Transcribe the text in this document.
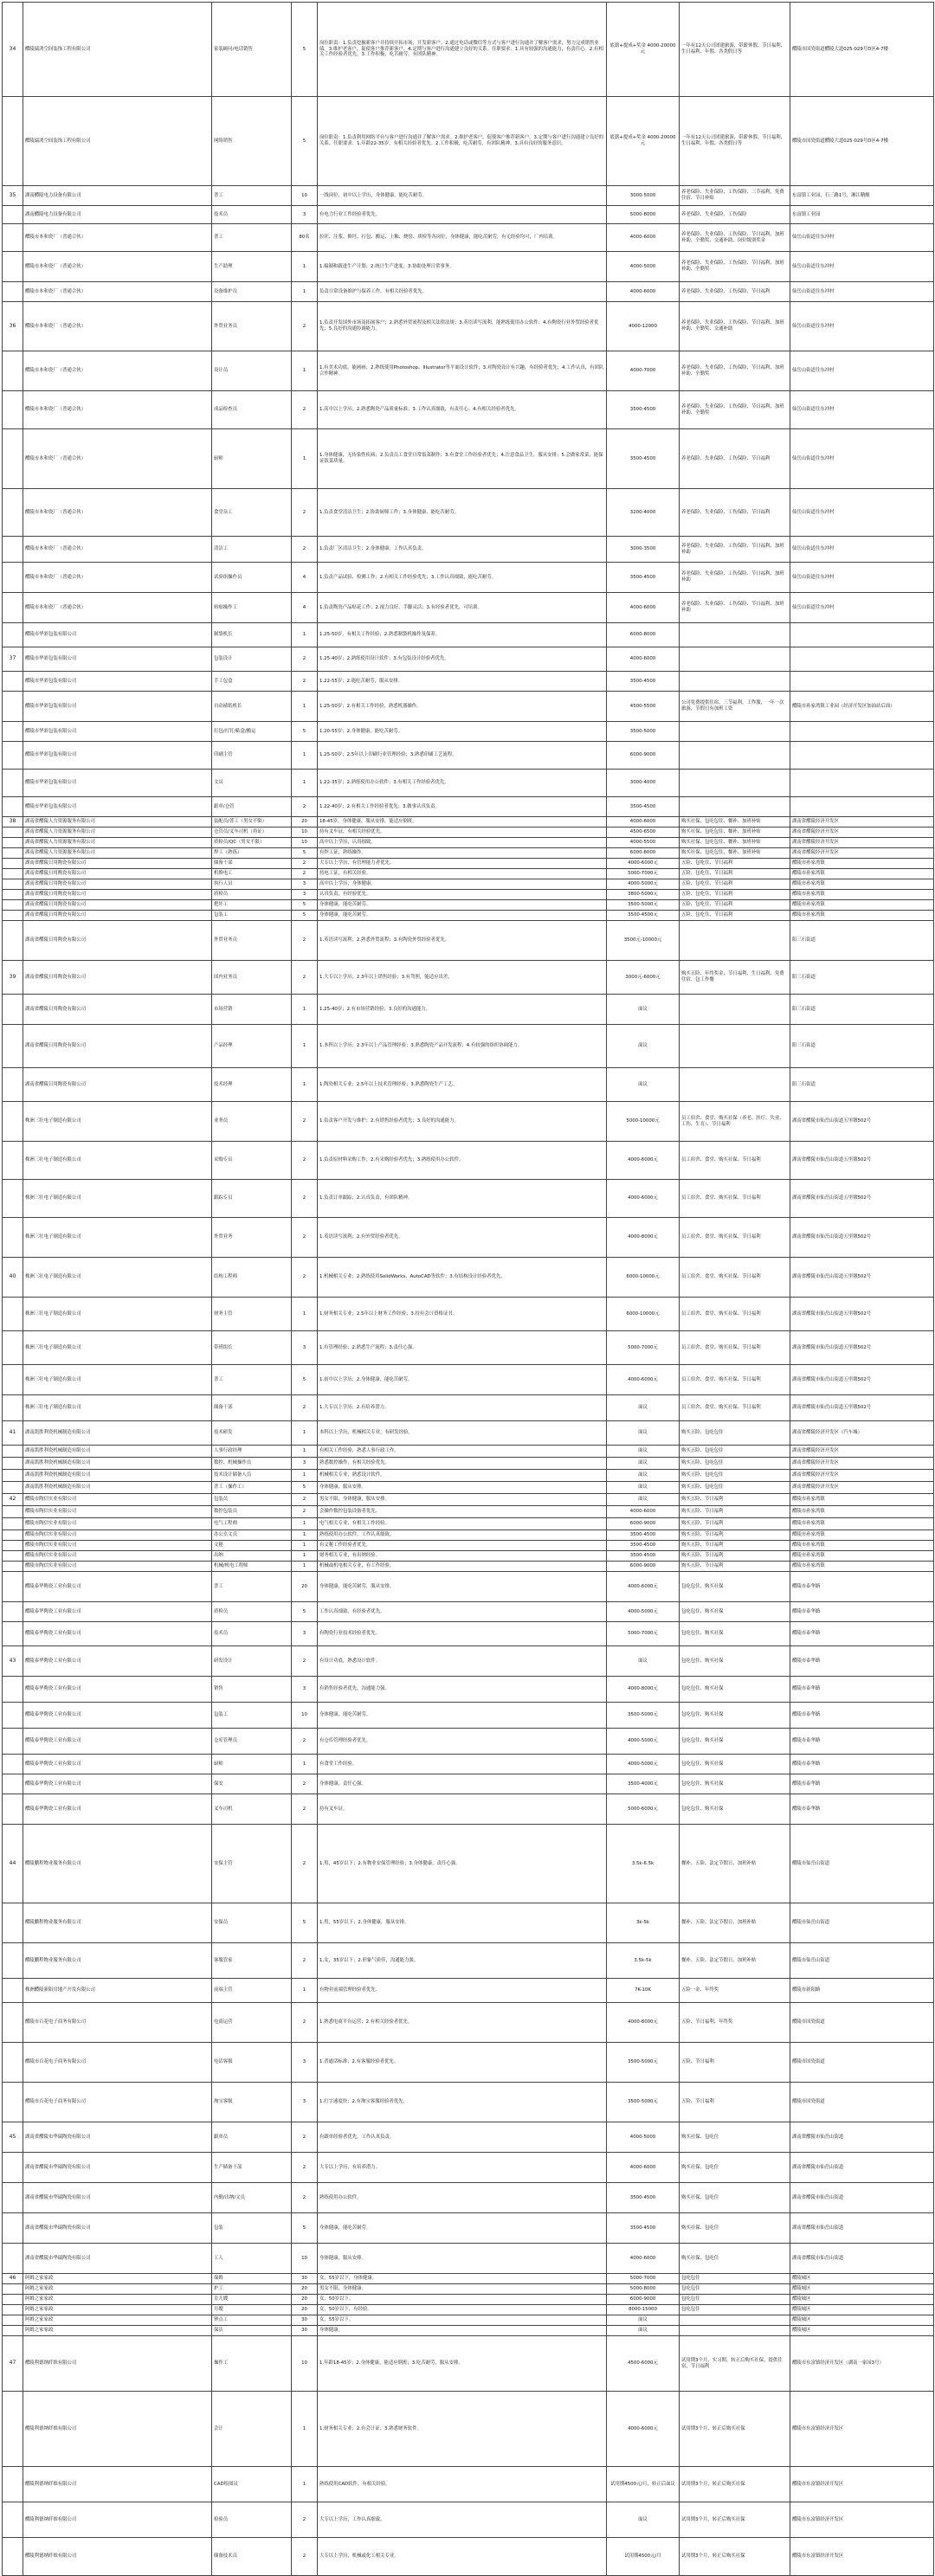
34	醴陵瑞鸿空间装饰工程有限公司	家装顾问/电话销售	5	岗位职责：1.负责挖掘新客户并持续开拓市场，开发新客户。2.通过电话或微信等方式与客户进行沟通并了解客户需求，努力完成销售业绩。3.维护老客户，促使客户推荐新客户。4.定期与客户进行沟通建立良好的关系。任职要求：1.具有较强的沟通能力，有责任心。2.有相关工作经验者优先。3.工作积极，吃苦耐劳，有团队精神。	底薪+提成+奖金 4000-20000元	一年有12天公司团建旅游，带薪休假、节日福利、生日福利、年假、各类假日等	醴陵市国瓷街道醴陵大道025-029号D区4-7楼
	醴陵瑞鸿空间装饰工程有限公司	网络销售	5	岗位职责：1.负责利用网络平台与客户进行沟通并了解客户需求。2.维护老客户，促使客户推荐新客户。3.定期与客户进行沟通建立良好的关系。任职要求：1.年龄22-35岁，有相关经验者优先。2.工作积极，吃苦耐劳，有团队精神。3.具有良好的服务意识。	底薪+提成+奖金 4000-20000元	一年有12天公司团建旅游，带薪休假、节日福利、生日福利、年假、各类假日等	醴陵市国瓷街道醴陵大道025-029号D区4-7楼
35	湖南醴陵电力设备有限公司	普工	10	一线岗位，初中以上学历，身体健康，能吃苦耐劳。	3000-5000	养老保险、失业保险、工伤保险、三节福利，免费住宿、节日补贴	东富镇工业园，石三路1号，湘江精酿
	湖南醴陵电力设备有限公司	技术员	3	有电力行业工作经验者优先。	5000-8000	养老保险、失业保险、工伤保险	东富镇工业园
	醴陵市本和瓷厂（普通合伙）	普工	80名	拉坯、注浆、修坯、打包、搬运、上釉、烧窑、质检等各岗位，身体健康，能吃苦耐劳，有无经验均可，厂内培训。	4000-6000	养老保险、失业保险、工伤保险、节日福利、加班补助、全勤奖、交通补助、岗位级别奖金	仙岳山街道往东冲村
	醴陵市本和瓷厂（普通合伙）	生产助理	1	1.编制和跟进生产计划；2.统计生产进度；3.协助处理日常事务。	4000-5000	养老保险、失业保险、工伤保险、节日福利、加班补助、全勤奖	仙岳山街道往东冲村
	醴陵市本和瓷厂（普通合伙）	设备维护员	1	负责日常设备维护与保养工作，有相关经验者优先。	4000-6000	养老保险、失业保险、工伤保险、节日福利	仙岳山街道往东冲村
36	醴陵市本和瓷厂（普通合伙）	外贸业务员	2	1.负责开发国外市场及拓展客户；2.熟悉外贸流程及相关法律法规；3.英语读写流利，能熟练使用办公软件；4.有陶瓷行业外贸经验者优先；5.良好的沟通协调能力。	4000-12000	养老保险、失业保险、工伤保险、节日福利、加班补助、全勤奖、交通补助	仙岳山街道往东冲村
	醴陵市本和瓷厂（普通合伙）	设计员	1	1.有美术功底，能画画；2.熟练使用Photoshop、Illustrator等平面设计软件；3.对陶瓷设计有兴趣，有经验者优先；4.工作认真，有团队合作精神。	4000-7000	养老保险、失业保险、工伤保险、节日福利、加班补助、全勤奖	仙岳山街道往东冲村
	醴陵市本和瓷厂（普通合伙）	成品检查员	2	1.高中以上学历；2.熟悉陶瓷产品质量标准；3.工作认真细致，有责任心；4.有相关经验者优先。	3500-4500	养老保险、失业保险、工伤保险、节日福利、加班补助、全勤奖	仙岳山街道往东冲村
	醴陵市本和瓷厂（普通合伙）	厨师	1	1.身体健康，无传染性疾病；2.负责员工食堂日常饭菜制作；3.有食堂工作经验者优先；4.注意食品卫生，服从安排；5.会做家常菜，能保证饭菜质量。	3500-4500	养老保险、失业保险、工伤保险、节日福利	仙岳山街道往东冲村
	醴陵市本和瓷厂（普通合伙）	食堂杂工	2	1.负责食堂清洁卫生；2.协助厨师工作；3.身体健康，能吃苦耐劳。	3200-4000	养老保险、失业保险、工伤保险、节日福利	仙岳山街道往东冲村
	醴陵市本和瓷厂（普通合伙）	清洁工	2	1.负责厂区清洁卫生；2.身体健康，工作认真负责。	3000-3500	养老保险、失业保险、工伤保险、节日福利、加班补助	仙岳山街道往东冲村
	醴陵市本和瓷厂（普通合伙）	试验组操作员	4	1.负责产品试验、检测工作；2.有相关工作经验优先；3.工作认真细致，能吃苦耐劳。	3500-4500	养老保险、失业保险、工伤保险、节日福利、加班补助	仙岳山街道往东冲村
	醴陵市本和瓷厂（普通合伙）	转贴操作工	4	1.负责陶瓷产品贴花工作；2.视力良好，手脚灵活；3.有经验者优先，可培训。	4000-6000	养老保险、失业保险、工伤保险、节日福利、加班补助	仙岳山街道往东冲村
	醴陵市华彩包装有限公司	制袋机长	1	1.25-50岁，有相关工作经验；2.熟悉制袋机操作及保养。	6000-8000		
37	醴陵市华彩包装有限公司	包装设计	2	1.25-40岁；2.熟练使用设计软件；3.有包装设计经验者优先。	4000-6000		
	醴陵市华彩包装有限公司	手工包盒	2	1.22-55岁；2.能吃苦耐劳，服从安排。	3500-4500		
	醴陵市华彩包装有限公司	自动裱纸机长	1	1.25-50岁；2.有相关工作经验，熟悉机器操作。	4500-5500	公司免费提供住宿，三节福利，工作服，一年一次旅游，节假日有加班工资	醴陵市孙家湾镇工业园（经济开发区加油站后面）
	醴陵市华彩包装有限公司	打包/打钉/粘盒/搬运	5	1.20-55岁；2.身体健康，能吃苦耐劳。	3500-5000		
	醴陵市华彩包装有限公司	印刷主管	1	1.25-50岁；2.5年以上印刷行业管理经验；3.熟悉印刷工艺流程。	6000-9000		
	醴陵市华彩包装有限公司	文员	1	1.22-35岁；2.熟练使用办公软件；3.有相关工作经验者优先。	3000-4000		
	醴陵市华彩包装有限公司	跟单/仓管	2	1.22-40岁；2.有相关工作经验者优先；3.做事认真负责。	3500-4500		
38	湖南省醴陵人力资源服务有限公司	装配员/普工（男女不限）	20	18-45岁，身体健康，服从安排，能适应倒班。	4000-6000	购买社保、包吃包住、餐补、加班补贴	湖南省醴陵经济开发区
	湖南省醴陵人力资源服务有限公司	仓管员/叉车司机（持证）	10	持有叉车证，有相关经验优先。	4500-6500	购买社保、包吃包住、餐补、加班补贴	湖南省醴陵经济开发区
	湖南省醴陵人力资源服务有限公司	质检员/QC（男女不限）	10	高中以上学历，认真细致。	4000-5500	购买社保、包吃包住、餐补、加班补贴	湖南省醴陵经济开发区
	湖南省醴陵人力资源服务有限公司	焊工（熟练）	5	有焊工证，熟练操作。	6000-8000	购买社保、包吃包住、餐补、加班补贴	湖南省醴陵经济开发区
	湖南省醴陵日用陶瓷有限公司	储备干部	2	大专以上学历，有管理能力者优先。	4000-6000元	五险、包吃住、节日福利	醴陵市孙家湾镇
	湖南省醴陵日用陶瓷有限公司	机修电工	2	持电工证，有相关经验。	5000-7000元	五险、包吃住、节日福利	醴陵市孙家湾镇
	湖南省醴陵日用陶瓷有限公司	执行人员	3	高中以上学历，身体健康。	4000-5000元	五险、包吃住、节日福利	醴陵市孙家湾镇
	湖南省醴陵日用陶瓷有限公司	质检员	3	认真负责，有经验优先。	3800-5000元	五险、包吃住、节日福利	醴陵市孙家湾镇
	湖南省醴陵日用陶瓷有限公司	把坯工	5	身体健康，能吃苦耐劳。	3500-5000元	五险、包吃住、节日福利	醴陵市孙家湾镇
	湖南省醴陵日用陶瓷有限公司	包装工	5	身体健康，能吃苦耐劳。	3500-4500元	五险、包吃住、节日福利	醴陵市孙家湾镇
	湖南省醴陵日用陶瓷有限公司	外贸业务员	2	1.英语读写流利；2.熟悉外贸流程；3.有陶瓷外贸经验者优先。	3500元-10000元		阳三石街道
39	湖南省醴陵日用陶瓷有限公司	国内业务员	2	1.大专以上学历；2.3年以上销售经验；3.有驾照，能适应出差。	3000元-6000元	购买五险、年终奖金、节日福利、生日福利、免费住宿、包工作餐	阳三石街道
	湖南省醴陵日用陶瓷有限公司	市场营销	1	1.25-40岁；2.有市场营销经验；3.良好的沟通能力。	面议		阳三石街道
	湖南省醴陵日用陶瓷有限公司	产品经理	1	1.本科以上学历；2.3年以上产品管理经验；3.熟悉陶瓷产品开发流程；4.有较强的组织协调能力。	面议		阳三石街道
	湖南省醴陵日用陶瓷有限公司	技术经理	1	1.陶瓷相关专业；2.5年以上技术管理经验；3.熟悉陶瓷生产工艺。	面议		阳三石街道
	株洲三壮电子制造有限公司	业务员	2	1.负责客户开发与维护；2.有销售经验者优先；3.良好的沟通能力。	5000-10000元	员工宿舍、食堂、购买社保（养老、医疗、失业、工伤、生育）、节日福利	湖南省醴陵市仙岳山街道五里墩502号
	株洲三壮电子制造有限公司	采购专员	2	1.负责原材料采购工作；2.有采购经验者优先；3.熟练使用办公软件。	4000-6000元	员工宿舍、食堂、购买社保、节日福利	湖南省醴陵市仙岳山街道五里墩502号
	株洲三壮电子制造有限公司	跟踪专员	2	1.负责订单跟踪；2.认真负责，有团队精神。	4000-6000元	员工宿舍、食堂、购买社保、节日福利	湖南省醴陵市仙岳山街道五里墩502号
	株洲三壮电子制造有限公司	外贸业务	2	1.英语读写流利；2.有外贸经验者优先。	4000-8000元	员工宿舍、食堂、购买社保、节日福利	湖南省醴陵市仙岳山街道五里墩502号
40	株洲三壮电子制造有限公司	结构工程师	2	1.机械相关专业；2.熟练使用SolidWorks、AutoCAD等软件；3.有结构设计经验者优先。	6000-10000元	员工宿舍、食堂、购买社保、节日福利	湖南省醴陵市仙岳山街道五里墩502号
	株洲三壮电子制造有限公司	财务主管	1	1.财务相关专业；2.5年以上财务工作经验；3.持有会计资格证书。	6000-10000元	员工宿舍、食堂、购买社保、节日福利	湖南省醴陵市仙岳山街道五里墩502号
	株洲三壮电子制造有限公司	带班组长	3	1.有管理经验；2.熟悉生产流程；3.责任心强。	5000-7000元	员工宿舍、食堂、购买社保、节日福利	湖南省醴陵市仙岳山街道五里墩502号
	株洲三壮电子制造有限公司	普工	5	1.初中以上学历；2.身体健康，能吃苦耐劳。	4000-6000元	员工宿舍、食堂、购买社保、节日福利	湖南省醴陵市仙岳山街道五里墩502号
	株洲三壮电子制造有限公司	储备干部	2	1.大专以上学历；2.有培养潜力。	面议	员工宿舍、食堂、购买社保、节日福利	湖南省醴陵市仙岳山街道五里墩502号
41	湖南凯胜利瓷机械制造有限公司	技术研发	1	本科以上学历，机械相关专业，有研发经验。	面议	购买五险、包吃包住	湖南省醴陵经济开发区（汽车城）
	湖南凯胜利瓷机械制造有限公司	人事行政经理	1	有相关工作经验，熟悉人事行政工作。	面议	购买五险、包吃包住	湖南省醴陵经济开发区
	湖南凯胜利瓷机械制造有限公司	数控、机械操作员	3	熟悉数控操作，有相关经验优先。	面议	购买五险、包吃包住	湖南省醴陵经济开发区
	湖南凯胜利瓷机械制造有限公司	技术设计储备人员	1	机械相关专业，熟悉设计软件。	面议	购买五险、包吃包住	湖南省醴陵经济开发区
	湖南凯胜利瓷机械制造有限公司	普工（操作工）	5	身体健康，服从安排。	面议	购买五险、包吃包住	湖南省醴陵经济开发区
42	醴陵市陶信实业有限公司	包装员	2	男女不限，身体健康，服从安排。	面议	购买五险、节日福利	醴陵市孙家湾镇
	醴陵市陶信实业有限公司	数控包装员	2	会操作数控包装设备者优先。	4000-6000	购买五险、节日福利	醴陵市孙家湾镇
	醴陵市陶信实业有限公司	电气工程师	1	电气相关专业，有相关工作经验。	6000-9000	购买五险、节日福利	醴陵市孙家湾镇
	醴陵市陶信实业有限公司	办公室文员	1	熟练使用办公软件，工作认真细致。	3500-4500	购买五险、节日福利	醴陵市孙家湾镇
	醴陵市陶信实业有限公司	文秘	1	有文秘工作经验者优先。	3500-4500	购买五险、节日福利	醴陵市孙家湾镇
	醴陵市陶信实业有限公司	出纳	1	财务相关专业，有出纳经验。	3500-4500	购买五险、节日福利	醴陵市孙家湾镇
	醴陵市陶信实业有限公司	机械/机电工程师	1	机械或机电相关专业，有工作经验。	6000-9000	购买五险、节日福利	醴陵市孙家湾镇
	醴陵泰华陶瓷工业有限公司	普工	20	身体健康，能吃苦耐劳，服从安排。	4000-6000元	包吃包住、购买社保	醴陵市泰华路
	醴陵泰华陶瓷工业有限公司	质检员	5	工作认真细致，有经验者优先。	4000-5000元	包吃包住、购买社保	醴陵市泰华路
	醴陵泰华陶瓷工业有限公司	技术员	3	有陶瓷行业技术经验者优先。	5000-7000元	包吃包住、购买社保	醴陵市泰华路
43	醴陵泰华陶瓷工业有限公司	研发设计	2	有设计功底，熟悉设计软件。	面议	包吃包住、购买社保	醴陵市泰华路
	醴陵泰华陶瓷工业有限公司	销售	3	有销售经验者优先，沟通能力强。	4000-8000元	包吃包住、购买社保	醴陵市泰华路
	醴陵泰华陶瓷工业有限公司	包装工	10	身体健康，能吃苦耐劳。	3500-5000元	包吃包住、购买社保	醴陵市泰华路
	醴陵泰华陶瓷工业有限公司	仓库管理员	2	有仓库管理经验者优先。	4000-5000元	包吃包住、购买社保	醴陵市泰华路
	醴陵泰华陶瓷工业有限公司	厨师	1	有食堂工作经验。	4000-5000元	包吃包住、购买社保	醴陵市泰华路
	醴陵泰华陶瓷工业有限公司	保安	2	身体健康，责任心强。	3500-4000元	包吃包住、购买社保	醴陵市泰华路
	醴陵泰华陶瓷工业有限公司	叉车司机	2	持有叉车证。	5000-6000元	包吃包住、购买社保	醴陵市泰华路
44	醴陵鹏程物业服务有限公司	安保主管	2	1.男，45岁以下；2.有物业安保管理经验；3.身体健康，责任心强。	3.5k-6.5k	餐补、五险、法定节假日、加班补贴	醴陵市仙岳山街道
	醴陵鹏程物业服务有限公司	安保员	5	1.男，55岁以下；2.身体健康，服从安排。	3k-5k	餐补、五险、法定节假日、加班补贴	醴陵市仙岳山街道
	醴陵鹏程物业服务有限公司	客服管家	2	1.女，35岁以下；2.形象气质佳，沟通能力强。	3.5k-5k	餐补、五险、法定节假日、加班补贴	醴陵市仙岳山街道
	株洲醴陵新阳房地产开发有限公司	前端主管	1	有物业前端管理经验者优先。	7K-10K	五险一金、年终奖	醴陵市新阳路
	醴陵市百花电子商务有限公司	电商运营	2	1.熟悉电商平台运营；2.有相关经验者优先。	4000-8000元	五险、节日福利、年终奖	醴陵市国瓷街道
	醴陵市百花电子商务有限公司	电话客服	3	1.普通话标准；2.有客服经验者优先。	3500-5000元	五险、节日福利	醴陵市国瓷街道
	醴陵市百花电子商务有限公司	淘宝客服	3	1.打字速度快；2.有淘宝客服经验者优先。	3500-5000元	五险、节日福利	醴陵市国瓷街道
45	湖南省醴陵市华瑞陶瓷有限公司	跟单员	2	有跟单经验者优先，工作认真负责。	4000-5000	购买社保、包吃住	湖南省醴陵市仙岳山街道
	湖南省醴陵市华瑞陶瓷有限公司	生产储备干部	2	大专以上学历，有培养潜力。	4000-6000	购买社保、包吃住	湖南省醴陵市仙岳山街道
	湖南省醴陵市华瑞陶瓷有限公司	内勤/出纳/文员	2	熟练使用办公软件。	3500-4500	购买社保、包吃住	湖南省醴陵市仙岳山街道
	湖南省醴陵市华瑞陶瓷有限公司	包装	5	身体健康，能吃苦耐劳。	3500-4500	购买社保、包吃住	湖南省醴陵市仙岳山街道
	湖南省醴陵市华瑞陶瓷有限公司	工人	10	身体健康，服从安排。	4000-6000	购买社保、包吃住	湖南省醴陵市仙岳山街道
46	阿姆之家家政	保姆	30	女，55岁以下，身体健康。	5000-7000	包吃包住	醴陵城区
	阿姆之家家政	护工	20	男女不限，身体健康。	5000-8000	包吃包住	醴陵城区
	阿姆之家家政	育儿嫂	20	女，50岁以下。	6000-9000	包吃包住	醴陵城区
	阿姆之家家政	月嫂	20	女，50岁以下，有经验。	8000-15000	包吃包住	醴陵城区
	阿姆之家家政	钟点工	30	女，55岁以下。	面议		醴陵城区
	阿姆之家家政	保洁	30	身体健康。	面议		醴陵城区
47	醴陵利德纳纤维有限公司	操作工	10	1.年龄18-45岁；2.身体健康，能适应倒班；3.吃苦耐劳，服从安排。	4500-6000元	试用期3个月，实习期，转正后购买社保，提供住宿，节日福利	醴陵市东富镇经济开发区（湖南一家园3号）
	醴陵利德纳纤维有限公司	会计	1	1.财务相关专业；2.有会计证；3.熟悉财务软件。	4000-6000元	试用期3个月，转正后购买社保	醴陵市东富镇经济开发区
	醴陵利德纳纤维有限公司	CAD绘图员	1	熟练使用CAD软件，有相关经验。	试用期4500元/月，转正后面议	试用期3个月，转正后购买社保	醴陵市东富镇经济开发区
	醴陵利德纳纤维有限公司	检验员	2	大专以上学历，工作认真细致。	面议	试用期3个月，转正后购买社保	醴陵市东富镇经济开发区
	醴陵利德纳纤维有限公司	储备技术员	2	大专以上学历，机械或化工相关专业。	试用期4500元/月	试用期3个月，转正后购买社保	醴陵市东富镇经济开发区
